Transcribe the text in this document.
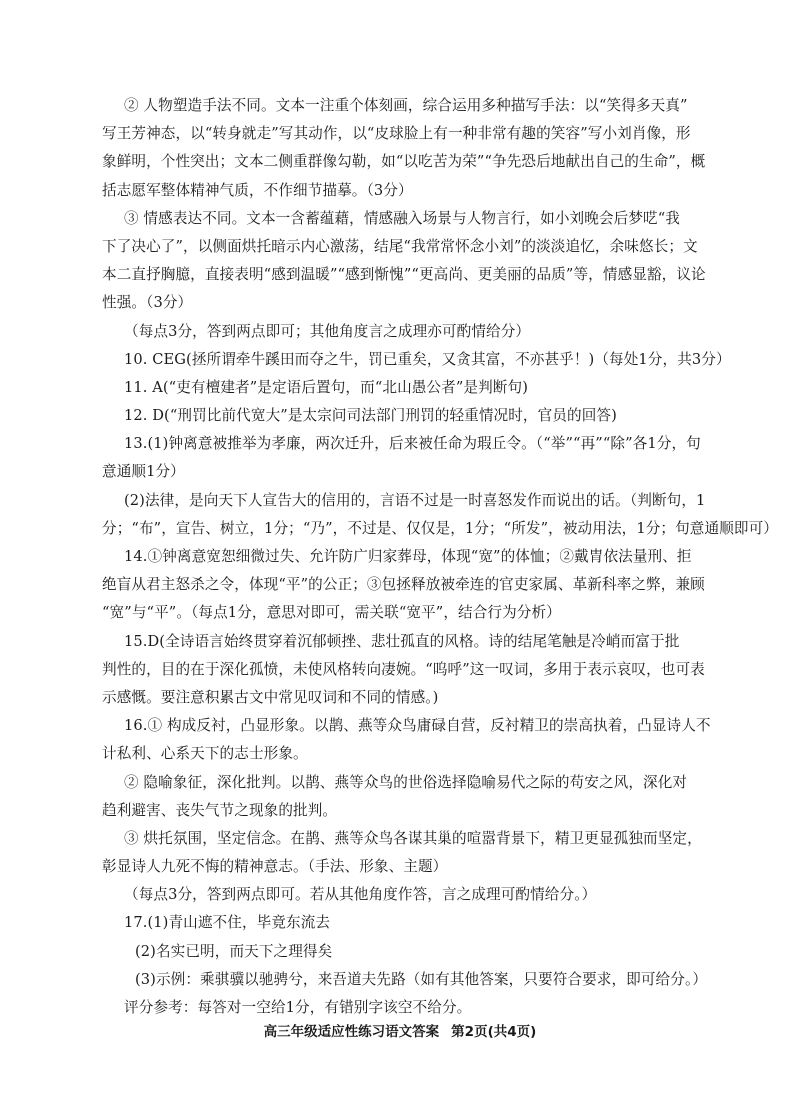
② 人物塑造手法不同。文本一注重个体刻画，综合运用多种描写手法：以“笑得多天真”
写王芳神态，以“转身就走”写其动作，以“皮球脸上有一种非常有趣的笑容”写小刘肖像，形
象鲜明，个性突出；文本二侧重群像勾勒，如“以吃苦为荣”“争先恐后地献出自己的生命”，概
括志愿军整体精神气质，不作细节描摹。（3分）
③ 情感表达不同。文本一含蓄蕴藉，情感融入场景与人物言行，如小刘晚会后梦呓“我
下了决心了”，以侧面烘托暗示内心激荡，结尾“我常常怀念小刘”的淡淡追忆，余味悠长；文
本二直抒胸臆，直接表明“感到温暖”“感到惭愧”“更高尚、更美丽的品质”等，情感显豁，议论
性强。（3分）
（每点3分，答到两点即可；其他角度言之成理亦可酌情给分）
10. CEG(拯所谓牵牛蹊田而夺之牛，罚已重矣，又贪其富，不亦甚乎！)（每处1分，共3分）
11. A(“吏有檀建者”是定语后置句，而“北山愚公者”是判断句)
12. D(“刑罚比前代宽大”是太宗问司法部门刑罚的轻重情况时，官员的回答)
13.(1)钟离意被推举为孝廉，两次迁升，后来被任命为瑕丘令。（“举”“再”“除”各1分，句
意通顺1分）
(2)法律，是向天下人宣告大的信用的，言语不过是一时喜怒发作而说出的话。（判断句，1
分；“布”，宣告、树立，1分；“乃”，不过是、仅仅是，1分；“所发”，被动用法，1分；句意通顺即可）
14.①钟离意宽恕细微过失、允许防广归家葬母，体现“宽”的体恤；②戴胄依法量刑、拒
绝盲从君主怒杀之令，体现“平”的公正；③包拯释放被牵连的官吏家属、革新科率之弊，兼顾
“宽”与“平”。（每点1分，意思对即可，需关联“宽平”，结合行为分析）
15.D(全诗语言始终贯穿着沉郁顿挫、悲壮孤直的风格。诗的结尾笔触是冷峭而富于批
判性的，目的在于深化孤愤，未使风格转向凄婉。“呜呼”这一叹词，多用于表示哀叹，也可表
示感慨。要注意积累古文中常见叹词和不同的情感。)
16.① 构成反衬，凸显形象。以鹊、燕等众鸟庸碌自营，反衬精卫的崇高执着，凸显诗人不
计私利、心系天下的志士形象。
② 隐喻象征，深化批判。以鹊、燕等众鸟的世俗选择隐喻易代之际的苟安之风，深化对
趋利避害、丧失气节之现象的批判。
③ 烘托氛围，坚定信念。在鹊、燕等众鸟各谋其巢的喧嚣背景下，精卫更显孤独而坚定，
彰显诗人九死不悔的精神意志。（手法、形象、主题）
（每点3分，答到两点即可。若从其他角度作答，言之成理可酌情给分。）
17.(1)青山遮不住，毕竟东流去
(2)名实已明，而天下之理得矣
(3)示例：乘骐骥以驰骋兮，来吾道夫先路（如有其他答案，只要符合要求，即可给分。）
评分参考：每答对一空给1分，有错别字该空不给分。
高三年级适应性练习语文答案 第2页(共4页)
